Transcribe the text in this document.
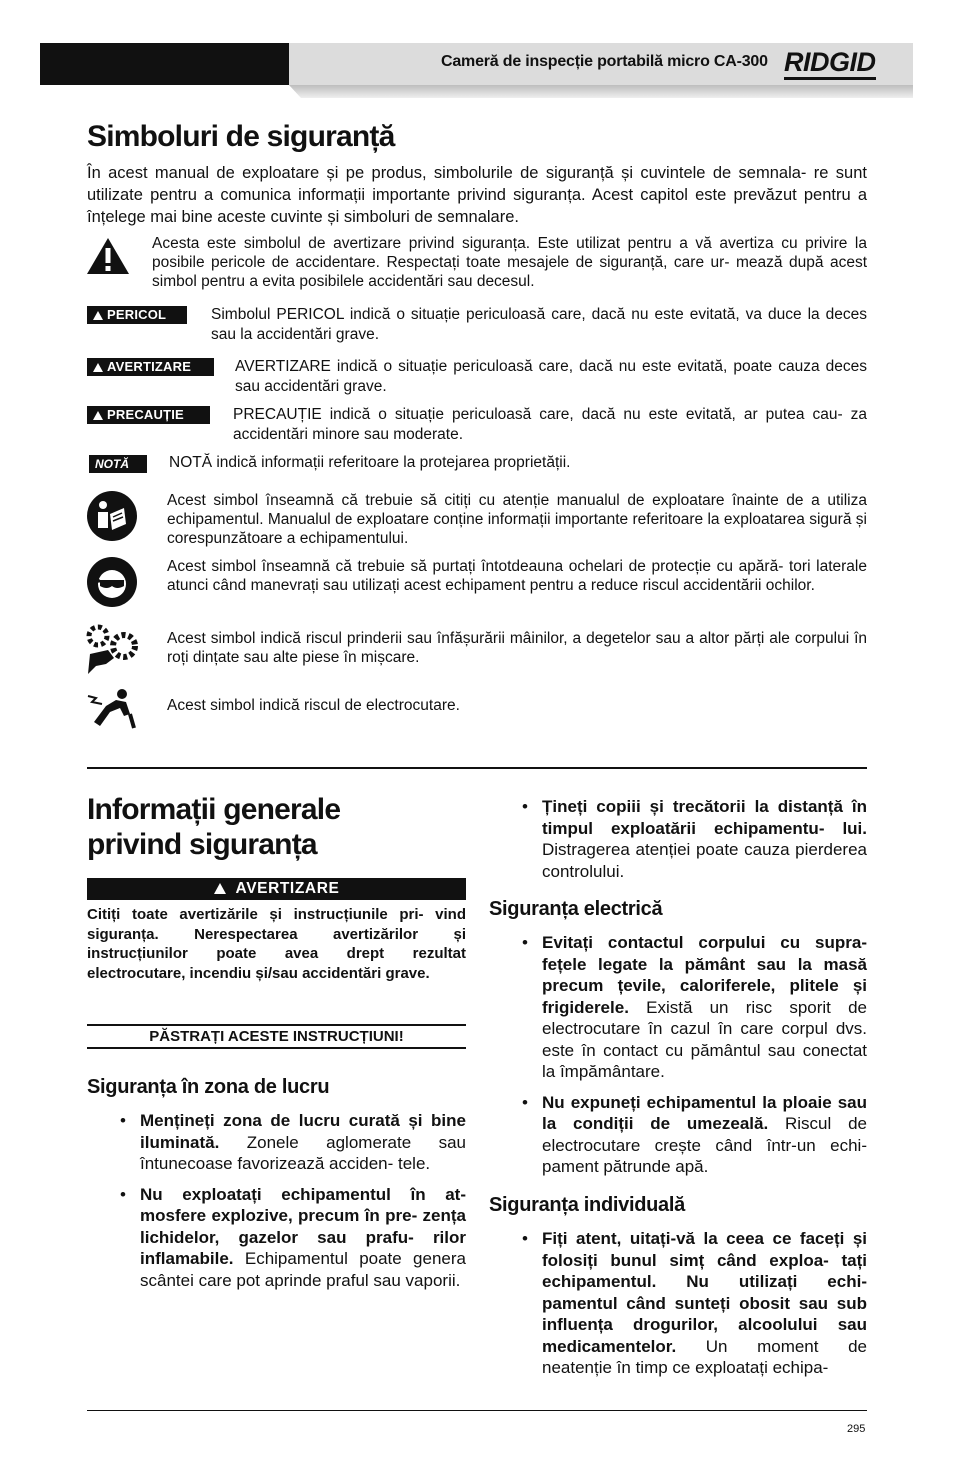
Cameră de inspecție portabilă micro CA-300 RIDGID
Simboluri de siguranță
În acest manual de exploatare și pe produs, simbolurile de siguranță și cuvintele de semnala- re sunt utilizate pentru a comunica informații importante privind siguranța. Acest capitol este prevăzut pentru a înțelege mai bine aceste cuvinte și simboluri de semnalare.
Acesta este simbolul de avertizare privind siguranța. Este utilizat pentru a vă avertiza cu privire la posibile pericole de accidentare. Respectați toate mesajele de siguranță, care ur- mează după acest simbol pentru a evita posibilele accidentări sau decesul.
PERICOL	Simbolul PERICOL indică o situație periculoasă care, dacă nu este evitată, va duce la deces sau la accidentări grave.
AVERTIZARE	AVERTIZARE indică o situație periculoasă care, dacă nu este evitată, poate cauza deces sau accidentări grave.
PRECAUȚIE	PRECAUȚIE indică o situație periculoasă care, dacă nu este evitată, ar putea cau- za accidentări minore sau moderate.
NOTĂ	NOTĂ indică informații referitoare la protejarea proprietății.
Acest simbol înseamnă că trebuie să citiți cu atenție manualul de exploatare înainte de a utiliza echipamentul. Manualul de exploatare conține informații importante referitoare la exploatarea sigură și corespunzătoare a echipamentului.
Acest simbol înseamnă că trebuie să purtați întotdeauna ochelari de protecție cu apără- tori laterale atunci când manevrați sau utilizați acest echipament pentru a reduce riscul accidentării ochilor.
Acest simbol indică riscul prinderii sau înfășurării mâinilor, a degetelor sau a altor părți ale corpului în roți dințate sau alte piese în mișcare.
Acest simbol indică riscul de electrocutare.
Informații generale
privind siguranța
AVERTIZARE
Citiți toate avertizările și instrucțiunile pri- vind siguranța. Nerespectarea avertizărilor și instrucțiunilor poate avea drept rezultat electrocutare, incendiu și/sau accidentări grave.
PĂSTRAȚI ACESTE INSTRUCȚIUNI!
Siguranța în zona de lucru
• Mențineți zona de lucru curată și bine iluminată. Zonele aglomerate sau întunecoase favorizează acciden- tele.
• Nu exploatați echipamentul în at- mosfere explozive, precum în pre- zența lichidelor, gazelor sau prafu- rilor inflamabile. Echipamentul poate genera scântei care pot aprinde praful sau vaporii.
• Țineți copiii și trecătorii la distanță în timpul exploatării echipamentu- lui. Distragerea atenției poate cauza pierderea controlului.
Siguranța electrică
• Evitați contactul corpului cu supra- fețele legate la pământ sau la masă precum țevile, caloriferele, plitele și frigiderele. Există un risc sporit de electrocutare în cazul în care corpul dvs. este în contact cu pământul sau conectat la împământare.
• Nu expuneți echipamentul la ploaie sau la condiții de umezeală. Riscul de electrocutare crește când într-un echi- pament pătrunde apă.
Siguranța individuală
• Fiți atent, uitați-vă la ceea ce faceți și folosiți bunul simț când exploa- tați echipamentul. Nu utilizați echi- pamentul când sunteți obosit sau sub influența drogurilor, alcoolului sau medicamentelor. Un moment de neatenție în timp ce exploatați echipa-
295
